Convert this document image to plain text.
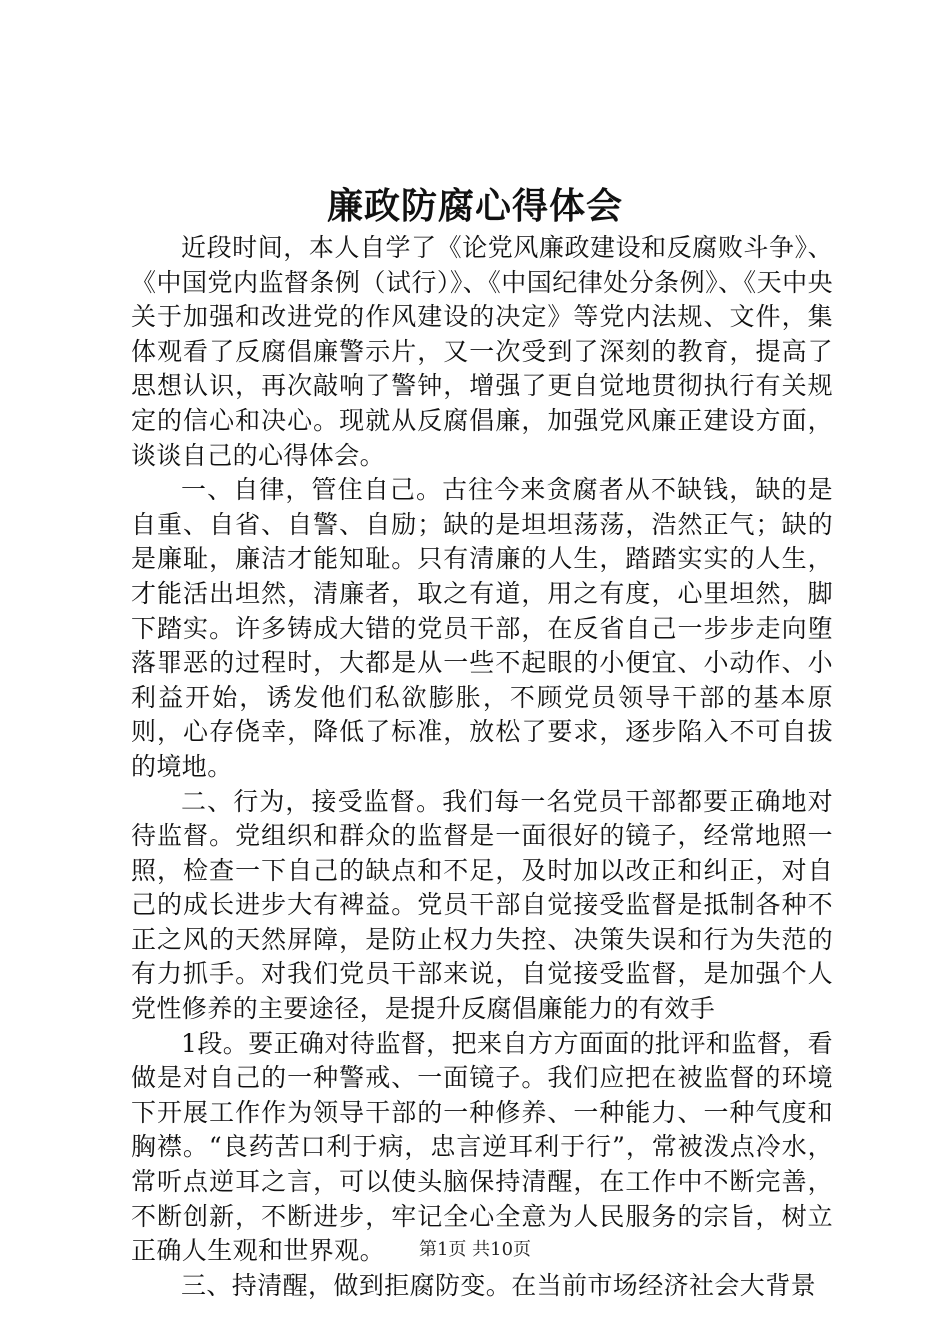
廉政防腐心得体会

近段时间，本人自学了《论党风廉政建设和反腐败斗争》、《中国党内监督条例（试行）》、《中国纪律处分条例》、《天中央关于加强和改进党的作风建设的决定》等党内法规、文件，集体观看了反腐倡廉警示片，又一次受到了深刻的教育，提高了思想认识，再次敲响了警钟，增强了更自觉地贯彻执行有关规定的信心和决心。现就从反腐倡廉，加强党风廉正建设方面，谈谈自己的心得体会。

一、自律，管住自己。古往今来贪腐者从不缺钱，缺的是自重、自省、自警、自励；缺的是坦坦荡荡，浩然正气；缺的是廉耻，廉洁才能知耻。只有清廉的人生，踏踏实实的人生，才能活出坦然，清廉者，取之有道，用之有度，心里坦然，脚下踏实。许多铸成大错的党员干部，在反省自己一步步走向堕落罪恶的过程时，大都是从一些不起眼的小便宜、小动作、小利益开始，诱发他们私欲膨胀，不顾党员领导干部的基本原则，心存侥幸，降低了标准，放松了要求，逐步陷入不可自拔的境地。

二、行为，接受监督。我们每一名党员干部都要正确地对待监督。党组织和群众的监督是一面很好的镜子，经常地照一照，检查一下自己的缺点和不足，及时加以改正和纠正，对自己的成长进步大有裨益。党员干部自觉接受监督是抵制各种不正之风的天然屏障，是防止权力失控、决策失误和行为失范的有力抓手。对我们党员干部来说，自觉接受监督，是加强个人党性修养的主要途径，是提升反腐倡廉能力的有效手

1段。要正确对待监督，把来自方方面面的批评和监督，看做是对自己的一种警戒、一面镜子。我们应把在被监督的环境下开展工作作为领导干部的一种修养、一种能力、一种气度和胸襟。“良药苦口利于病，忠言逆耳利于行”，常被泼点冷水，常听点逆耳之言，可以使头脑保持清醒，在工作中不断完善，不断创新，不断进步，牢记全心全意为人民服务的宗旨，树立正确人生观和世界观。

三、持清醒，做到拒腐防变。在当前市场经济社会大背景

第1页 共10页
